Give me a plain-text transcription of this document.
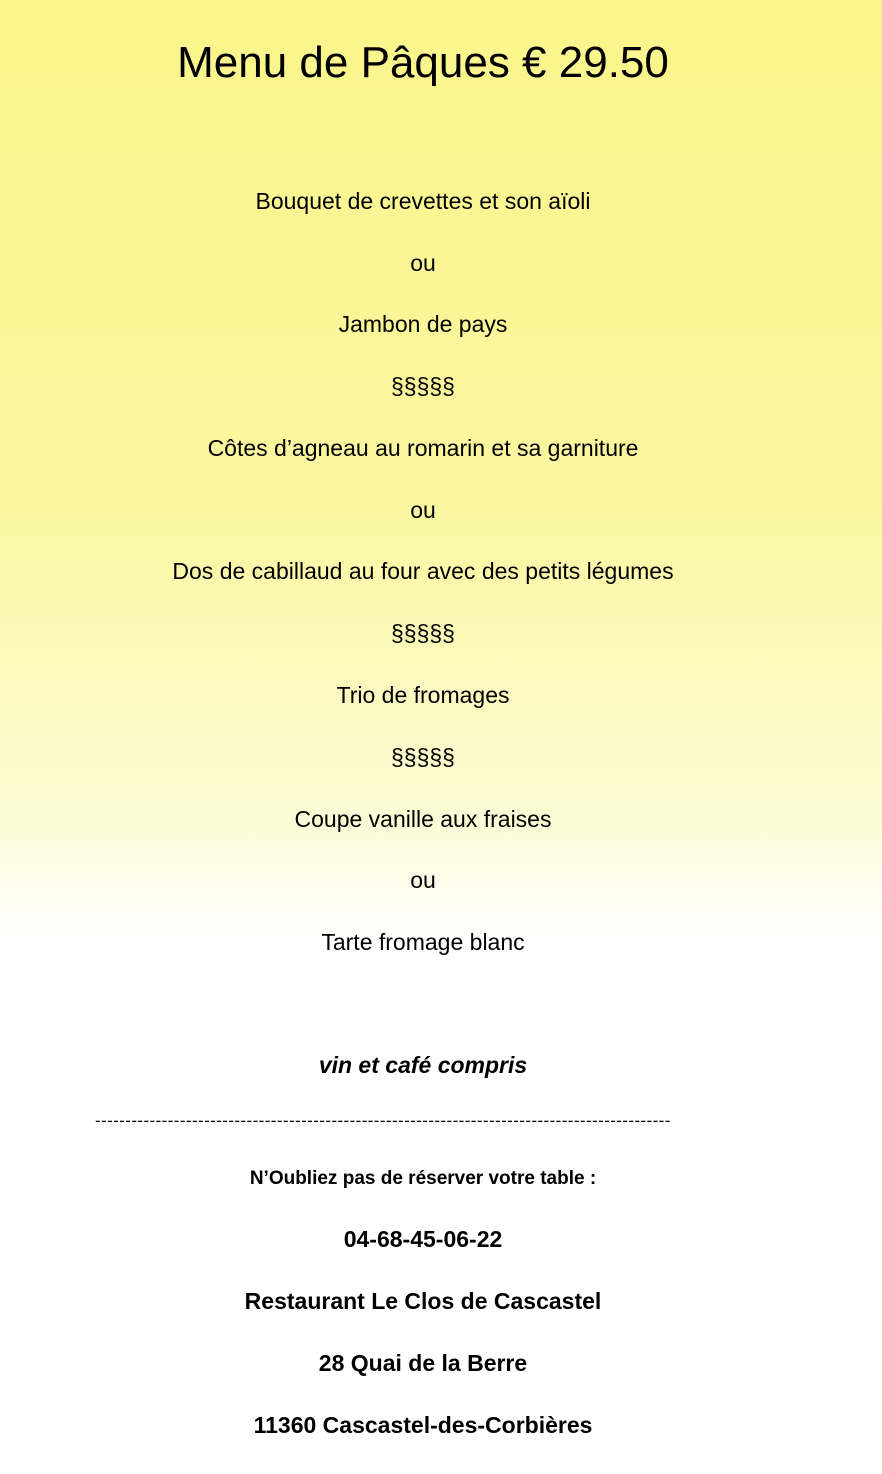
Menu de Pâques € 29.50
Bouquet de crevettes et son aïoli
ou
Jambon de pays
§§§§§
Côtes d’agneau au romarin et sa garniture
ou
Dos de cabillaud au four avec des petits légumes
§§§§§
Trio de fromages
§§§§§
Coupe vanille aux fraises
ou
Tarte fromage blanc
vin et café compris
-----------------------------------------------------------------------------------------------
N’Oubliez pas de réserver votre table :
04-68-45-06-22
Restaurant Le Clos de Cascastel
28 Quai de la Berre
11360 Cascastel-des-Corbières
